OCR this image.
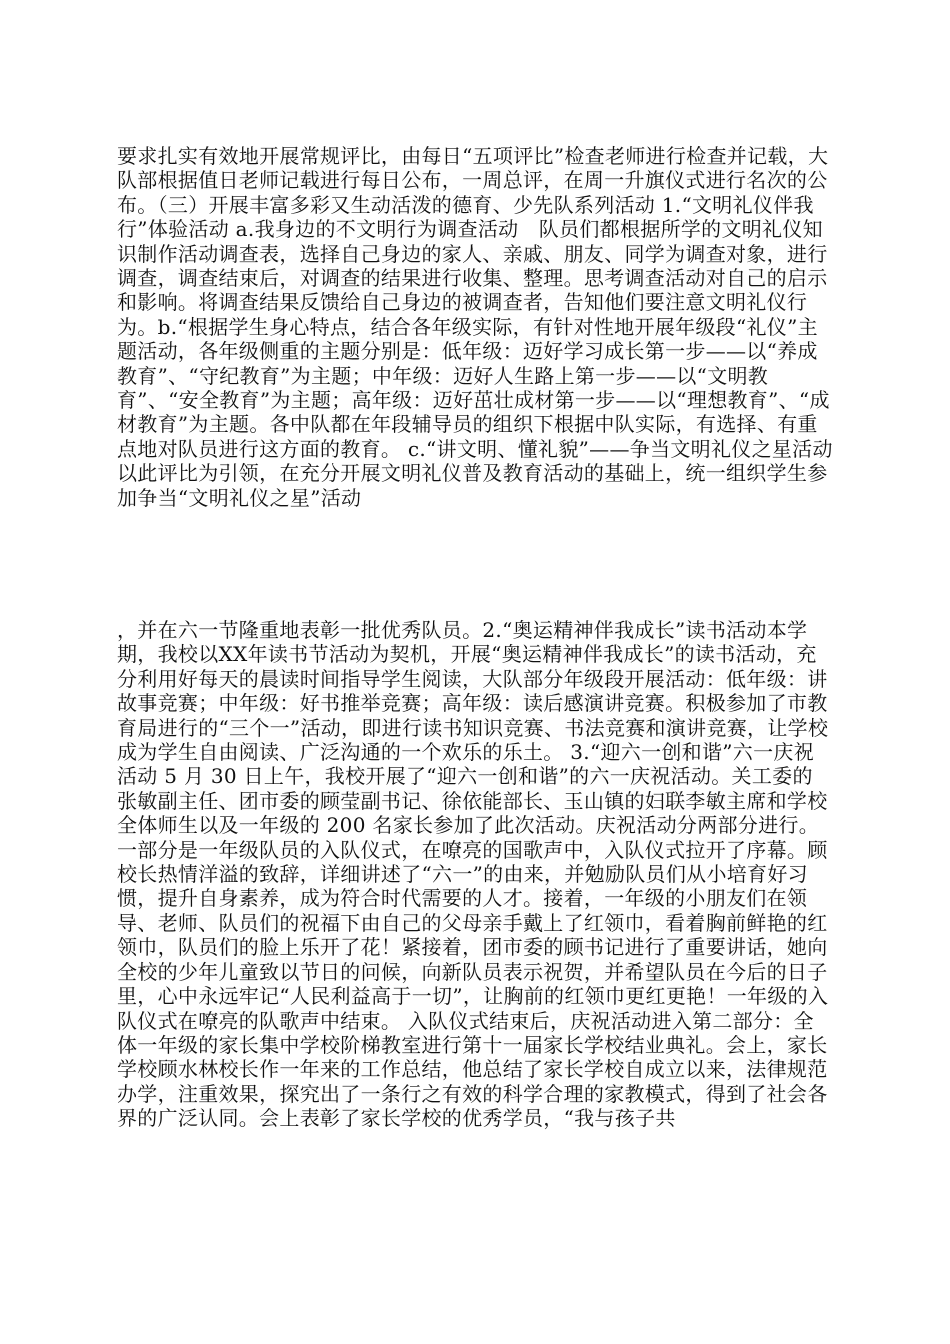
要求扎实有效地开展常规评比，由每日“五项评比”检查老师进行检查并记载，大队部根据值日老师记载进行每日公布，一周总评，在周一升旗仪式进行名次的公布。（三）开展丰富多彩又生动活泼的德育、少先队系列活动 1.“文明礼仪伴我行”体验活动 a.我身边的不文明行为调查活动　队员们都根据所学的文明礼仪知识制作活动调查表，选择自己身边的家人、亲戚、朋友、同学为调查对象，进行调查，调查结束后，对调查的结果进行收集、整理。思考调查活动对自己的启示和影响。将调查结果反馈给自己身边的被调查者，告知他们要注意文明礼仪行为。b.“根据学生身心特点，结合各年级实际，有针对性地开展年级段“礼仪”主题活动，各年级侧重的主题分别是：低年级：迈好学习成长第一步——以“养成教育”、“守纪教育”为主题；中年级：迈好人生路上第一步——以“文明教育”、“安全教育”为主题；高年级：迈好茁壮成材第一步——以“理想教育”、“成材教育”为主题。各中队都在年段辅导员的组织下根据中队实际，有选择、有重点地对队员进行这方面的教育。 c.“讲文明、懂礼貌”——争当文明礼仪之星活动 以此评比为引领，在充分开展文明礼仪普及教育活动的基础上，统一组织学生参加争当“文明礼仪之星”活动

，并在六一节隆重地表彰一批优秀队员。2.“奥运精神伴我成长”读书活动本学期，我校以XX年读书节活动为契机，开展“奥运精神伴我成长”的读书活动，充分利用好每天的晨读时间指导学生阅读，大队部分年级段开展活动：低年级：讲故事竞赛；中年级：好书推举竞赛；高年级：读后感演讲竞赛。积极参加了市教育局进行的“三个一”活动，即进行读书知识竞赛、书法竞赛和演讲竞赛，让学校成为学生自由阅读、广泛沟通的一个欢乐的乐土。 3.“迎六一创和谐”六一庆祝活动 5 月 30 日上午，我校开展了“迎六一创和谐”的六一庆祝活动。关工委的张敏副主任、团市委的顾莹副书记、徐依能部长、玉山镇的妇联李敏主席和学校全体师生以及一年级的 200 名家长参加了此次活动。庆祝活动分两部分进行。一部分是一年级队员的入队仪式，在嘹亮的国歌声中，入队仪式拉开了序幕。顾校长热情洋溢的致辞，详细讲述了“六一”的由来，并勉励队员们从小培育好习惯，提升自身素养，成为符合时代需要的人才。接着，一年级的小朋友们在领导、老师、队员们的祝福下由自己的父母亲手戴上了红领巾，看着胸前鲜艳的红领巾，队员们的脸上乐开了花！紧接着，团市委的顾书记进行了重要讲话，她向全校的少年儿童致以节日的问候，向新队员表示祝贺，并希望队员在今后的日子里，心中永远牢记“人民利益高于一切”，让胸前的红领巾更红更艳！一年级的入队仪式在嘹亮的队歌声中结束。 入队仪式结束后，庆祝活动进入第二部分：全体一年级的家长集中学校阶梯教室进行第十一届家长学校结业典礼。会上，家长学校顾水林校长作一年来的工作总结，他总结了家长学校自成立以来，法律规范办学，注重效果，探究出了一条行之有效的科学合理的家教模式，得到了社会各界的广泛认同。会上表彰了家长学校的优秀学员，“我与孩子共
